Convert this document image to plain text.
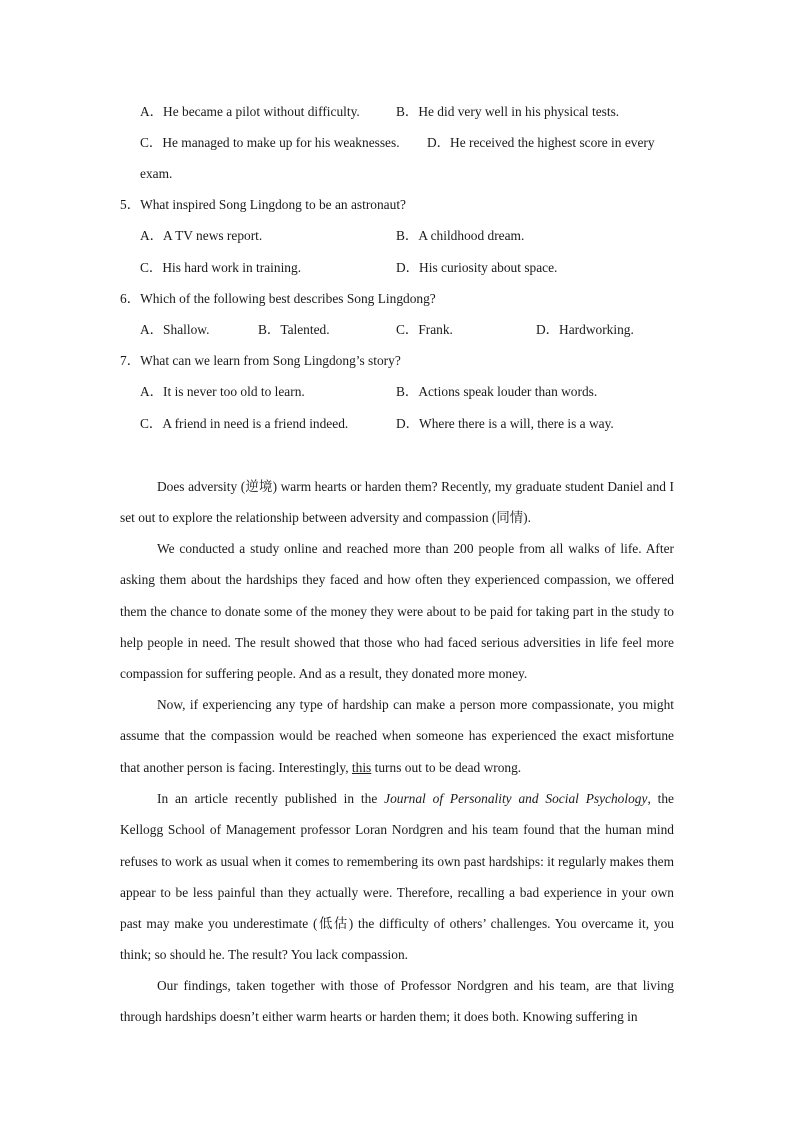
A．He became a pilot without difficulty.	B．He did very well in his physical tests.
C．He managed to make up for his weaknesses. D．He received the highest score in every
exam.
5．What inspired Song Lingdong to be an astronaut?
A．A TV news report.	B．A childhood dream.
C．His hard work in training.	D．His curiosity about space.
6．Which of the following best describes Song Lingdong?
A．Shallow.	B．Talented.	C．Frank.	D．Hardworking.
7．What can we learn from Song Lingdong’s story?
A．It is never too old to learn.	B．Actions speak louder than words.
C．A friend in need is a friend indeed.	D．Where there is a will, there is a way.
Does adversity (逆境) warm hearts or harden them? Recently, my graduate student Daniel and I set out to explore the relationship between adversity and compassion (同情).
We conducted a study online and reached more than 200 people from all walks of life. After asking them about the hardships they faced and how often they experienced compassion, we offered them the chance to donate some of the money they were about to be paid for taking part in the study to help people in need. The result showed that those who had faced serious adversities in life feel more compassion for suffering people. And as a result, they donated more money.
Now, if experiencing any type of hardship can make a person more compassionate, you might assume that the compassion would be reached when someone has experienced the exact misfortune that another person is facing. Interestingly, this turns out to be dead wrong.
In an article recently published in the Journal of Personality and Social Psychology, the Kellogg School of Management professor Loran Nordgren and his team found that the human mind refuses to work as usual when it comes to remembering its own past hardships: it regularly makes them appear to be less painful than they actually were. Therefore, recalling a bad experience in your own past may make you underestimate (低估) the difficulty of others’ challenges. You overcame it, you think; so should he. The result? You lack compassion.
Our findings, taken together with those of Professor Nordgren and his team, are that living through hardships doesn’t either warm hearts or harden them; it does both. Knowing suffering in
